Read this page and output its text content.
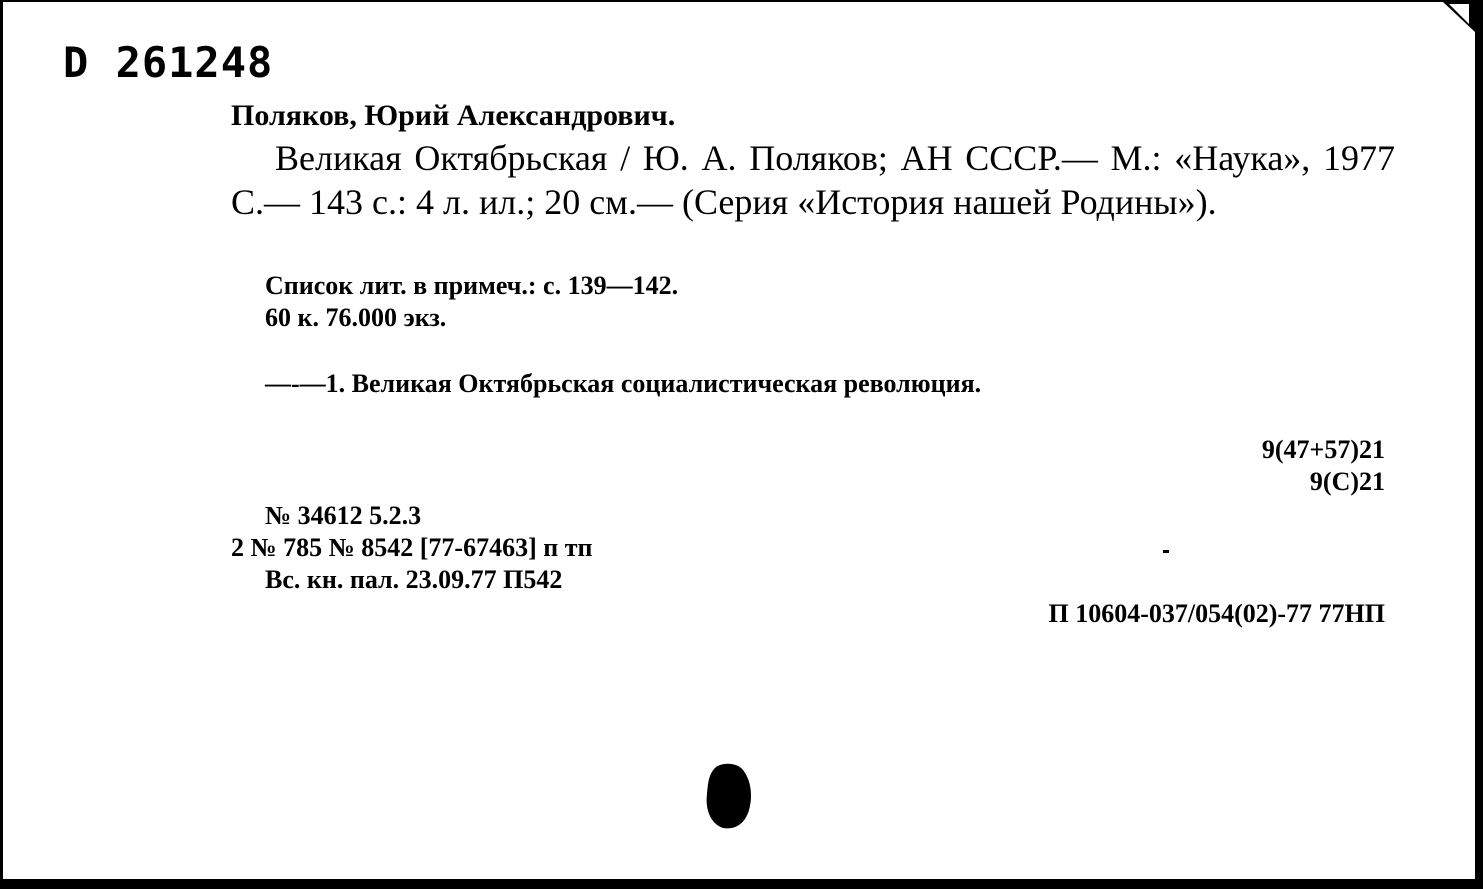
D 261248
Поляков, Юрий Александрович.
Великая Октябрьская / Ю. А. Поляков; АН СССР.— М.: «Наука», 1977 С.— 143 с.: 4 л. ил.; 20 см.— (Серия «История нашей Родины»).
Список лит. в примеч.: с. 139—142.
60 к. 76.000 экз.
—-—1. Великая Октябрьская социалистическая революция.
9(47+57)21
9(С)21
№ 34612 5.2.3
2 № 785 № 8542 [77-67463] п тп
Вс. кн. пал. 23.09.77 П542
П 10604-037/054(02)-77 77НП
